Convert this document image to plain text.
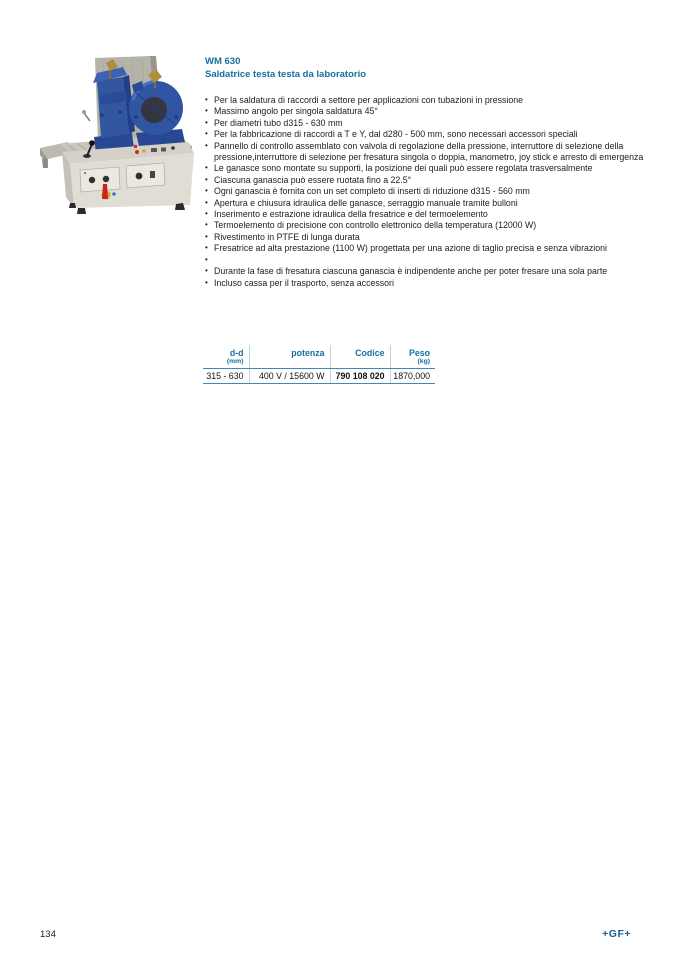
WM 630
Saldatrice testa testa da laboratorio
• Per la saldatura di raccordi a settore per applicazioni con tubazioni in pressione
• Massimo angolo per singola saldatura 45°
• Per diametri tubo d315 - 630 mm
• Per la fabbricazione di raccordi a T e Y, dal d280 - 500 mm, sono necessari accessori speciali
• Pannello di controllo assemblato con valvola di regolazione della pressione, interruttore di selezione della pressione,interruttore di selezione per fresatura singola o doppia, manometro, joy stick e arresto di emergenza
• Le ganasce sono montate su supporti, la posizione dei quali può essere regolata trasversalmente
• Ciascuna ganascia può essere ruotata fino a 22.5°
• Ogni ganascia è fornita con un set completo di inserti di riduzione d315 - 560 mm
• Apertura e chiusura idraulica delle ganasce, serraggio manuale tramite bulloni
• Inserimento e estrazione idraulica della fresatrice e del termoelemento
• Termoelemento di precisione con controllo elettronico della temperatura (12000 W)
• Rivestimento in PTFE di lunga durata
• Fresatrice ad alta prestazione (1100 W) progettata per una azione di taglio precisa e senza vibrazioni
•
• Durante la fase di fresatura ciascuna ganascia è indipendente anche per poter fresare una sola parte
• Incluso cassa per il trasporto, senza accessori
d-d	potenza	Codice	Peso
(mm)			(kg)
315 - 630	400 V / 15600 W	790 108 020	1870,000
134	+GF+
